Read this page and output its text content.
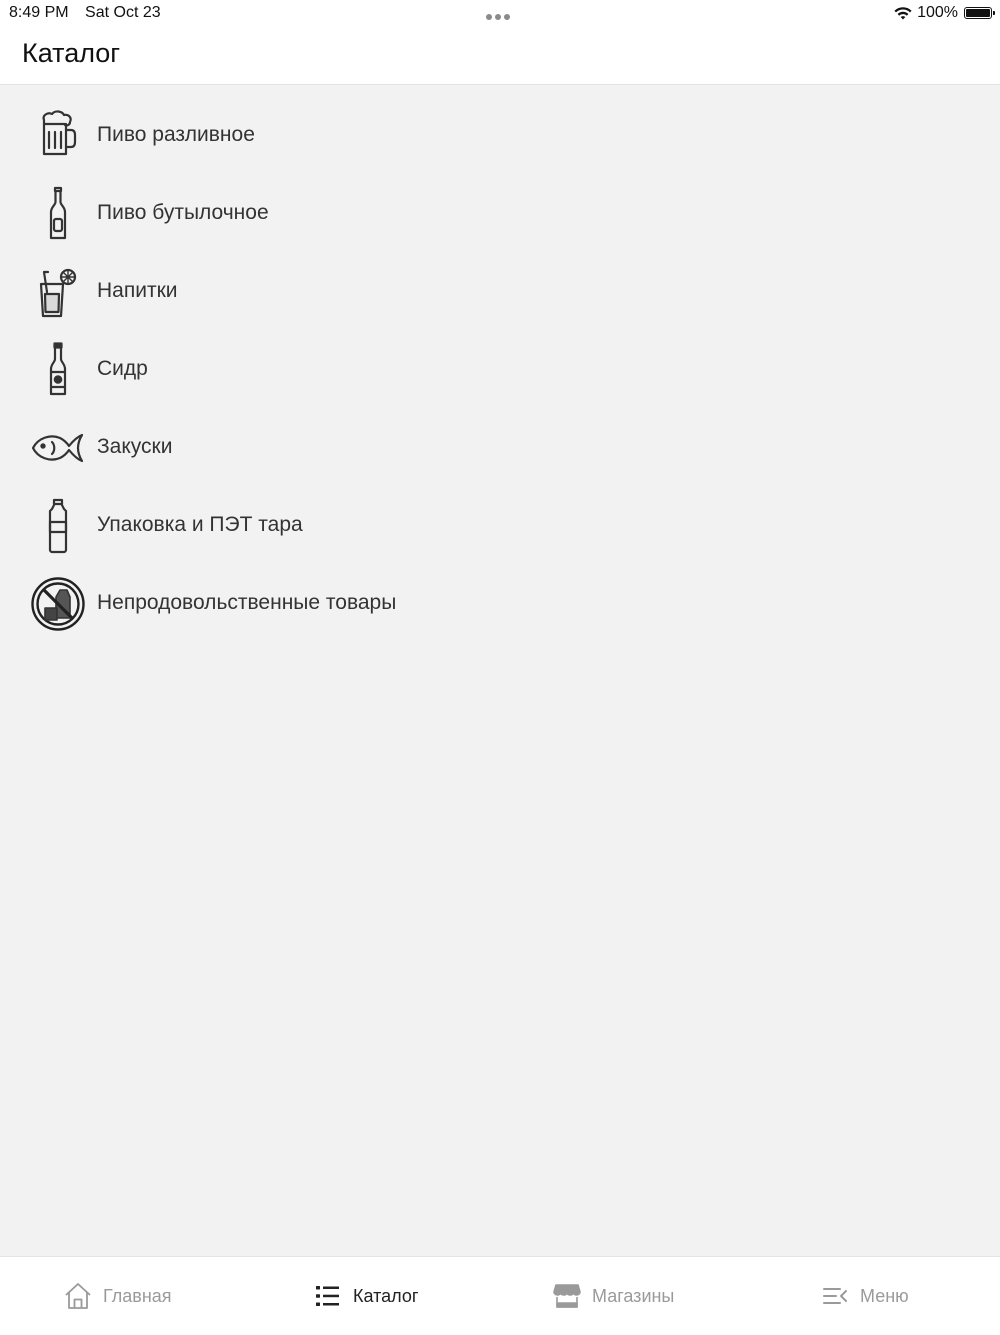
8:49 PM Sat Oct 23	100%
Каталог
Пиво разливное
Пиво бутылочное
Напитки
Сидр
Закуски
Упаковка и ПЭТ тара
Непродовольственные товары
Главная	Каталог	Магазины	Меню
